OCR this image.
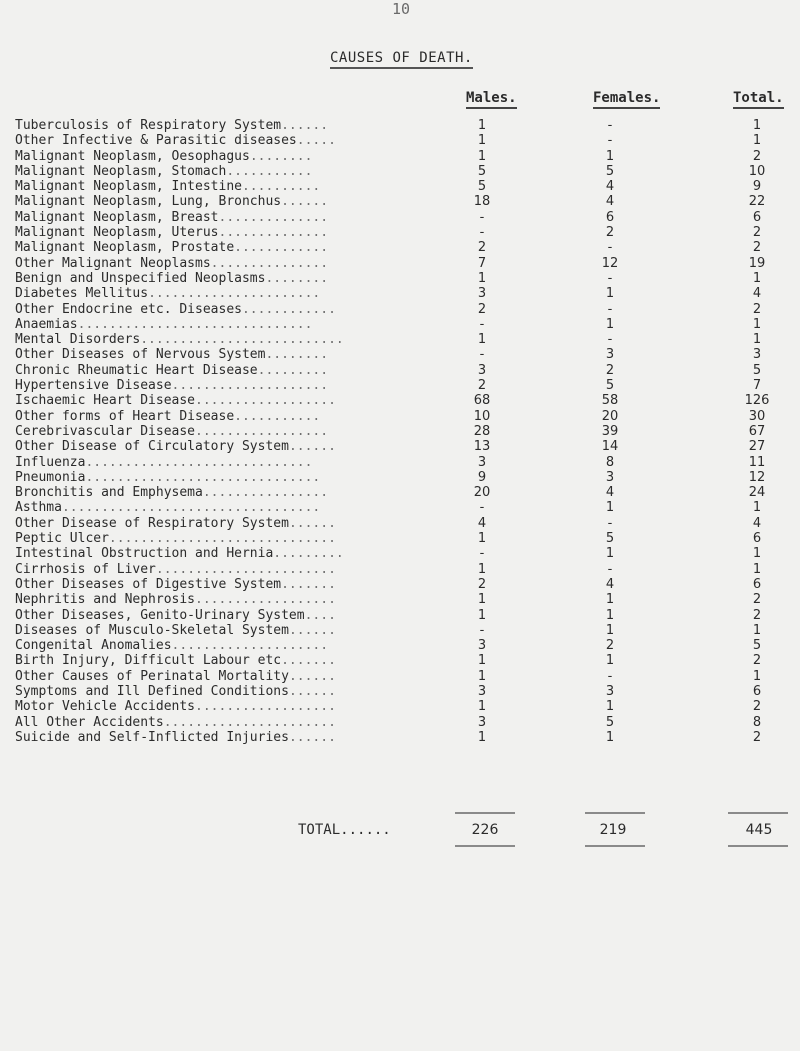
10
CAUSES OF DEATH.
Males.	Females.	Total.
Tuberculosis of Respiratory System......	1	-	1
Other Infective & Parasitic diseases.....	1	-	1
Malignant Neoplasm, Oesophagus........	1	1	2
Malignant Neoplasm, Stomach...........	5	5	10
Malignant Neoplasm, Intestine..........	5	4	9
Malignant Neoplasm, Lung, Bronchus......	18	4	22
Malignant Neoplasm, Breast..............	-	6	6
Malignant Neoplasm, Uterus..............	-	2	2
Malignant Neoplasm, Prostate............	2	-	2
Other Malignant Neoplasms...............	7	12	19
Benign and Unspecified Neoplasms........	1	-	1
Diabetes Mellitus......................	3	1	4
Other Endocrine etc. Diseases............	2	-	2
Anaemias..............................	-	1	1
Mental Disorders..........................	1	-	1
Other Diseases of Nervous System........	-	3	3
Chronic Rheumatic Heart Disease.........	3	2	5
Hypertensive Disease....................	2	5	7
Ischaemic Heart Disease..................	68	58	126
Other forms of Heart Disease...........	10	20	30
Cerebrivascular Disease.................	28	39	67
Other Disease of Circulatory System......	13	14	27
Influenza.............................	3	8	11
Pneumonia..............................	9	3	12
Bronchitis and Emphysema................	20	4	24
Asthma.................................	-	1	1
Other Disease of Respiratory System......	4	-	4
Peptic Ulcer.............................	1	5	6
Intestinal Obstruction and Hernia.........	-	1	1
Cirrhosis of Liver.......................	1	-	1
Other Diseases of Digestive System.......	2	4	6
Nephritis and Nephrosis..................	1	1	2
Other Diseases, Genito-Urinary System....	1	1	2
Diseases of Musculo-Skeletal System......	-	1	1
Congenital Anomalies....................	3	2	5
Birth Injury, Difficult Labour etc.......	1	1	2
Other Causes of Perinatal Mortality......	1	-	1
Symptoms and Ill Defined Conditions......	3	3	6
Motor Vehicle Accidents..................	1	1	2
All Other Accidents......................	3	5	8
Suicide and Self-Inflicted Injuries......	1	1	2
TOTAL......	226	219	445
